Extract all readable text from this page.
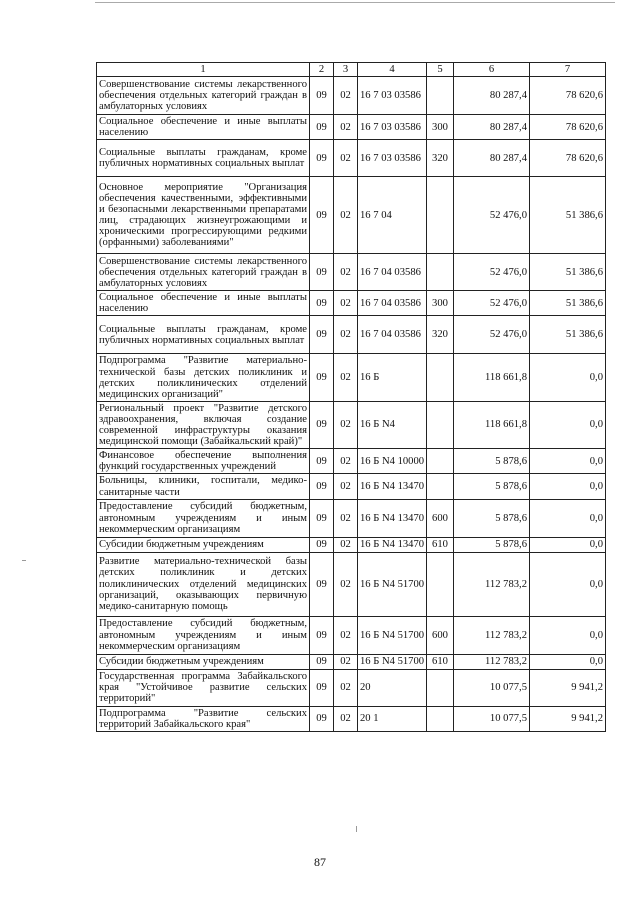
1	2	3	4	5	6	7
Совершенствование системы лекарственного обеспечения отдельных категорий граждан в амбулаторных условиях	09	02	16 7 03 03586		80 287,4	78 620,6
Социальное обеспечение и иные выплаты населению	09	02	16 7 03 03586	300	80 287,4	78 620,6
Социальные выплаты гражданам, кроме публичных нормативных социальных выплат	09	02	16 7 03 03586	320	80 287,4	78 620,6
Основное мероприятие "Организация обеспечения качественными, эффективными и безопасными лекарственными препаратами лиц, страдающих жизнеугрожающими и хроническими прогрессирующими редкими (орфанными) заболеваниями"	09	02	16 7 04		52 476,0	51 386,6
Совершенствование системы лекарственного обеспечения отдельных категорий граждан в амбулаторных условиях	09	02	16 7 04 03586		52 476,0	51 386,6
Социальное обеспечение и иные выплаты населению	09	02	16 7 04 03586	300	52 476,0	51 386,6
Социальные выплаты гражданам, кроме публичных нормативных социальных выплат	09	02	16 7 04 03586	320	52 476,0	51 386,6
Подпрограмма "Развитие материально-технической базы детских поликлиник и детских поликлинических отделений медицинских организаций"	09	02	16 Б		118 661,8	0,0
Региональный проект "Развитие детского здравоохранения, включая создание современной инфраструктуры оказания медицинской помощи (Забайкальский край)"	09	02	16 Б N4		118 661,8	0,0
Финансовое обеспечение выполнения функций государственных учреждений	09	02	16 Б N4 10000		5 878,6	0,0
Больницы, клиники, госпитали, медико-санитарные части	09	02	16 Б N4 13470		5 878,6	0,0
Предоставление субсидий бюджетным, автономным учреждениям и иным некоммерческим организациям	09	02	16 Б N4 13470	600	5 878,6	0,0
Субсидии бюджетным учреждениям	09	02	16 Б N4 13470	610	5 878,6	0,0
Развитие материально-технической базы детских поликлиник и детских поликлинических отделений медицинских организаций, оказывающих первичную медико-санитарную помощь	09	02	16 Б N4 51700		112 783,2	0,0
Предоставление субсидий бюджетным, автономным учреждениям и иным некоммерческим организациям	09	02	16 Б N4 51700	600	112 783,2	0,0
Субсидии бюджетным учреждениям	09	02	16 Б N4 51700	610	112 783,2	0,0
Государственная программа Забайкальского края "Устойчивое развитие сельских территорий"	09	02	20		10 077,5	9 941,2
Подпрограмма "Развитие сельских территорий Забайкальского края"	09	02	20 1		10 077,5	9 941,2
87
